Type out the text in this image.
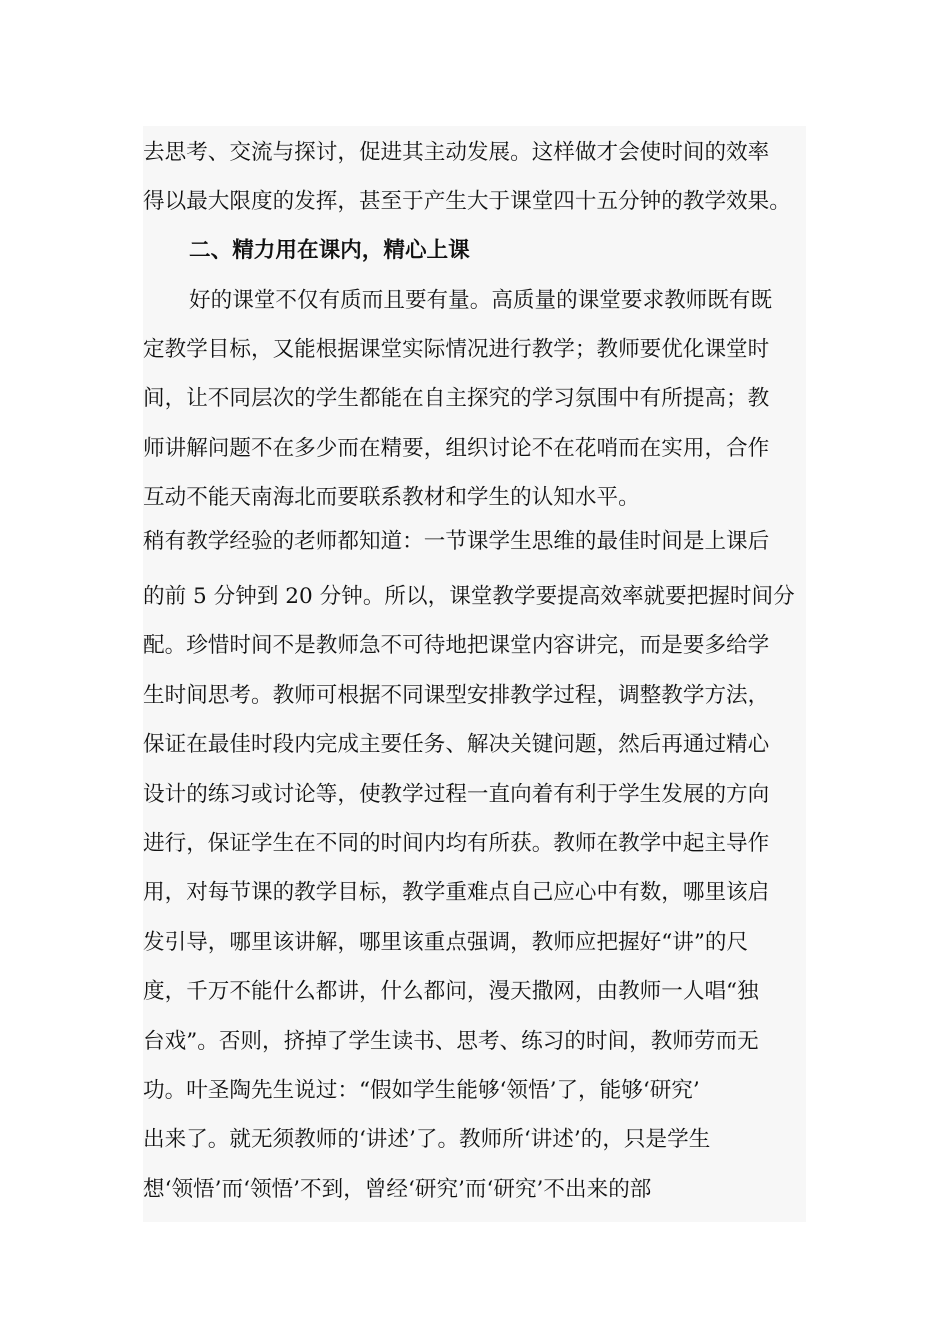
去思考、交流与探讨，促进其主动发展。这样做才会使时间的效率
得以最大限度的发挥，甚至于产生大于课堂四十五分钟的教学效果。
二、精力用在课内，精心上课
好的课堂不仅有质而且要有量。高质量的课堂要求教师既有既
定教学目标，又能根据课堂实际情况进行教学；教师要优化课堂时
间，让不同层次的学生都能在自主探究的学习氛围中有所提高；教
师讲解问题不在多少而在精要，组织讨论不在花哨而在实用，合作
互动不能天南海北而要联系教材和学生的认知水平。
稍有教学经验的老师都知道：一节课学生思维的最佳时间是上课后
的前 5 分钟到 20 分钟。所以，课堂教学要提高效率就要把握时间分
配。珍惜时间不是教师急不可待地把课堂内容讲完，而是要多给学
生时间思考。教师可根据不同课型安排教学过程，调整教学方法，
保证在最佳时段内完成主要任务、解决关键问题，然后再通过精心
设计的练习或讨论等，使教学过程一直向着有利于学生发展的方向
进行，保证学生在不同的时间内均有所获。教师在教学中起主导作
用，对每节课的教学目标，教学重难点自己应心中有数，哪里该启
发引导，哪里该讲解，哪里该重点强调，教师应把握好“讲”的尺
度，千万不能什么都讲，什么都问，漫天撒网，由教师一人唱“独
台戏”。否则，挤掉了学生读书、思考、练习的时间，教师劳而无
功。叶圣陶先生说过：“假如学生能够‘领悟’了，能够‘研究’
出来了。就无须教师的‘讲述’了。教师所‘讲述’的，只是学生
想‘领悟’而‘领悟’不到，曾经‘研究’而‘研究’不出来的部
